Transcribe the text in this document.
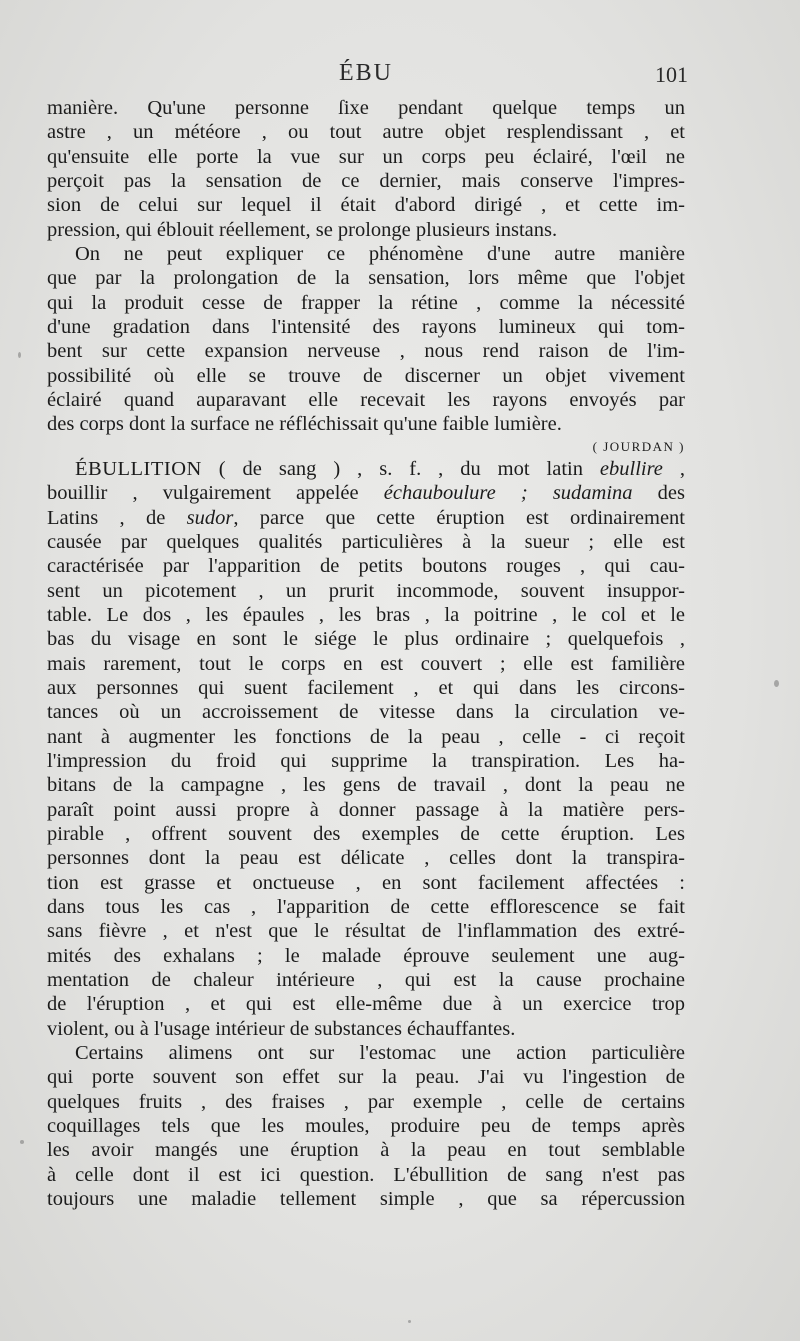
ÉBU	101
manière. Qu'une personne ſixe pendant quelque temps un
astre , un météore , ou tout autre objet resplendissant , et
qu'ensuite elle porte la vue sur un corps peu éclairé, l'œil ne
perçoit pas la sensation de ce dernier, mais conserve l'impres-
sion de celui sur lequel il était d'abord dirigé , et cette im-
pression, qui éblouit réellement, se prolonge plusieurs instans.
On ne peut expliquer ce phénomène d'une autre manière
que par la prolongation de la sensation, lors même que l'objet
qui la produit cesse de frapper la rétine , comme la nécessité
d'une gradation dans l'intensité des rayons lumineux qui tom-
bent sur cette expansion nerveuse , nous rend raison de l'im-
possibilité où elle se trouve de discerner un objet vivement
éclairé quand auparavant elle recevait les rayons envoyés par
des corps dont la surface ne réfléchissait qu'une faible lumière.
( JOURDAN )
ÉBULLITION ( de sang ) , s. f. , du mot latin ebullire ,
bouillir , vulgairement appelée échauboulure ; sudamina des
Latins , de sudor, parce que cette éruption est ordinairement
causée par quelques qualités particulières à la sueur ; elle est
caractérisée par l'apparition de petits boutons rouges , qui cau-
sent un picotement , un prurit incommode, souvent insuppor-
table. Le dos , les épaules , les bras , la poitrine , le col et le
bas du visage en sont le siége le plus ordinaire ; quelquefois ,
mais rarement, tout le corps en est couvert ; elle est familière
aux personnes qui suent facilement , et qui dans les circons-
tances où un accroissement de vitesse dans la circulation ve-
nant à augmenter les fonctions de la peau , celle - ci reçoit
l'impression du froid qui supprime la transpiration. Les ha-
bitans de la campagne , les gens de travail , dont la peau ne
paraît point aussi propre à donner passage à la matière pers-
pirable , offrent souvent des exemples de cette éruption. Les
personnes dont la peau est délicate , celles dont la transpira-
tion est grasse et onctueuse , en sont facilement affectées :
dans tous les cas , l'apparition de cette efflorescence se fait
sans fièvre , et n'est que le résultat de l'inflammation des extré-
mités des exhalans ; le malade éprouve seulement une aug-
mentation de chaleur intérieure , qui est la cause prochaine
de l'éruption , et qui est elle-même due à un exercice trop
violent, ou à l'usage intérieur de substances échauffantes.
Certains alimens ont sur l'estomac une action particulière
qui porte souvent son effet sur la peau. J'ai vu l'ingestion de
quelques fruits , des fraises , par exemple , celle de certains
coquillages tels que les moules, produire peu de temps après
les avoir mangés une éruption à la peau en tout semblable
à celle dont il est ici question. L'ébullition de sang n'est pas
toujours une maladie tellement simple , que sa répercussion
